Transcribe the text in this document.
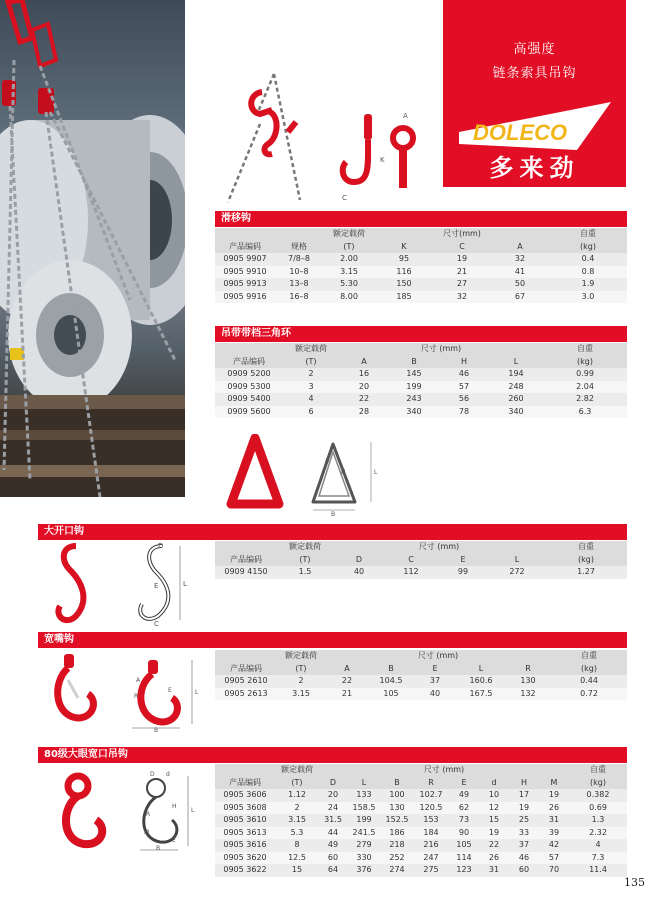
高强度
链条索具吊钩
DOLECO
多来劲
A
K
C
滑移钩
		额定载荷	尺寸(mm)			自重
产品编码	规格	(T)	K	C	A	(kg)
0905 9907	7/8–8	2.00	95	19	32	0.4
0905 9910	10–8	3.15	116	21	41	0.8
0905 9913	13–8	5.30	150	27	50	1.9
0905 9916	16–8	8.00	185	32	67	3.0
吊带带档三角环
	额定载荷	尺寸 (mm)				自重
产品编码	(T)	A	B	H	L	(kg)
0909 5200	2	16	145	46	194	0.99
0909 5300	3	20	199	57	248	2.04
0909 5400	4	22	243	56	260	2.82
0909 5600	6	28	340	78	340	6.3
A
H	L
B
大开口钩
D
E	L
C
	额定载荷	尺寸 (mm)				自重
产品编码	(T)	D	C	E	L	(kg)
0909 4150	1.5	40	112	99	272	1.27
宽嘴钩
A
R
L
B
E
	额定载荷	尺寸 (mm)					自重
产品编码	(T)	A	B	E	L	R	(kg)
0905 2610	2	22	104.5	37	160.6	130	0.44
0905 2613	3.15	21	105	40	167.5	132	0.72
80级大眼宽口吊钩
D d
L
H
R
M
B
E
	额定载荷	尺寸 (mm)								自重
产品编码	(T)	D	L	B	R	E	d	H	M	(kg)
0905 3606	1.12	20	133	100	102.7	49	10	17	19	0.382
0905 3608	2	24	158.5	130	120.5	62	12	19	26	0.69
0905 3610	3.15	31.5	199	152.5	153	73	15	25	31	1.3
0905 3613	5.3	44	241.5	186	184	90	19	33	39	2.32
0905 3616	8	49	279	218	216	105	22	37	42	4
0905 3620	12.5	60	330	252	247	114	26	46	57	7.3
0905 3622	15	64	376	274	275	123	31	60	70	11.4
135
